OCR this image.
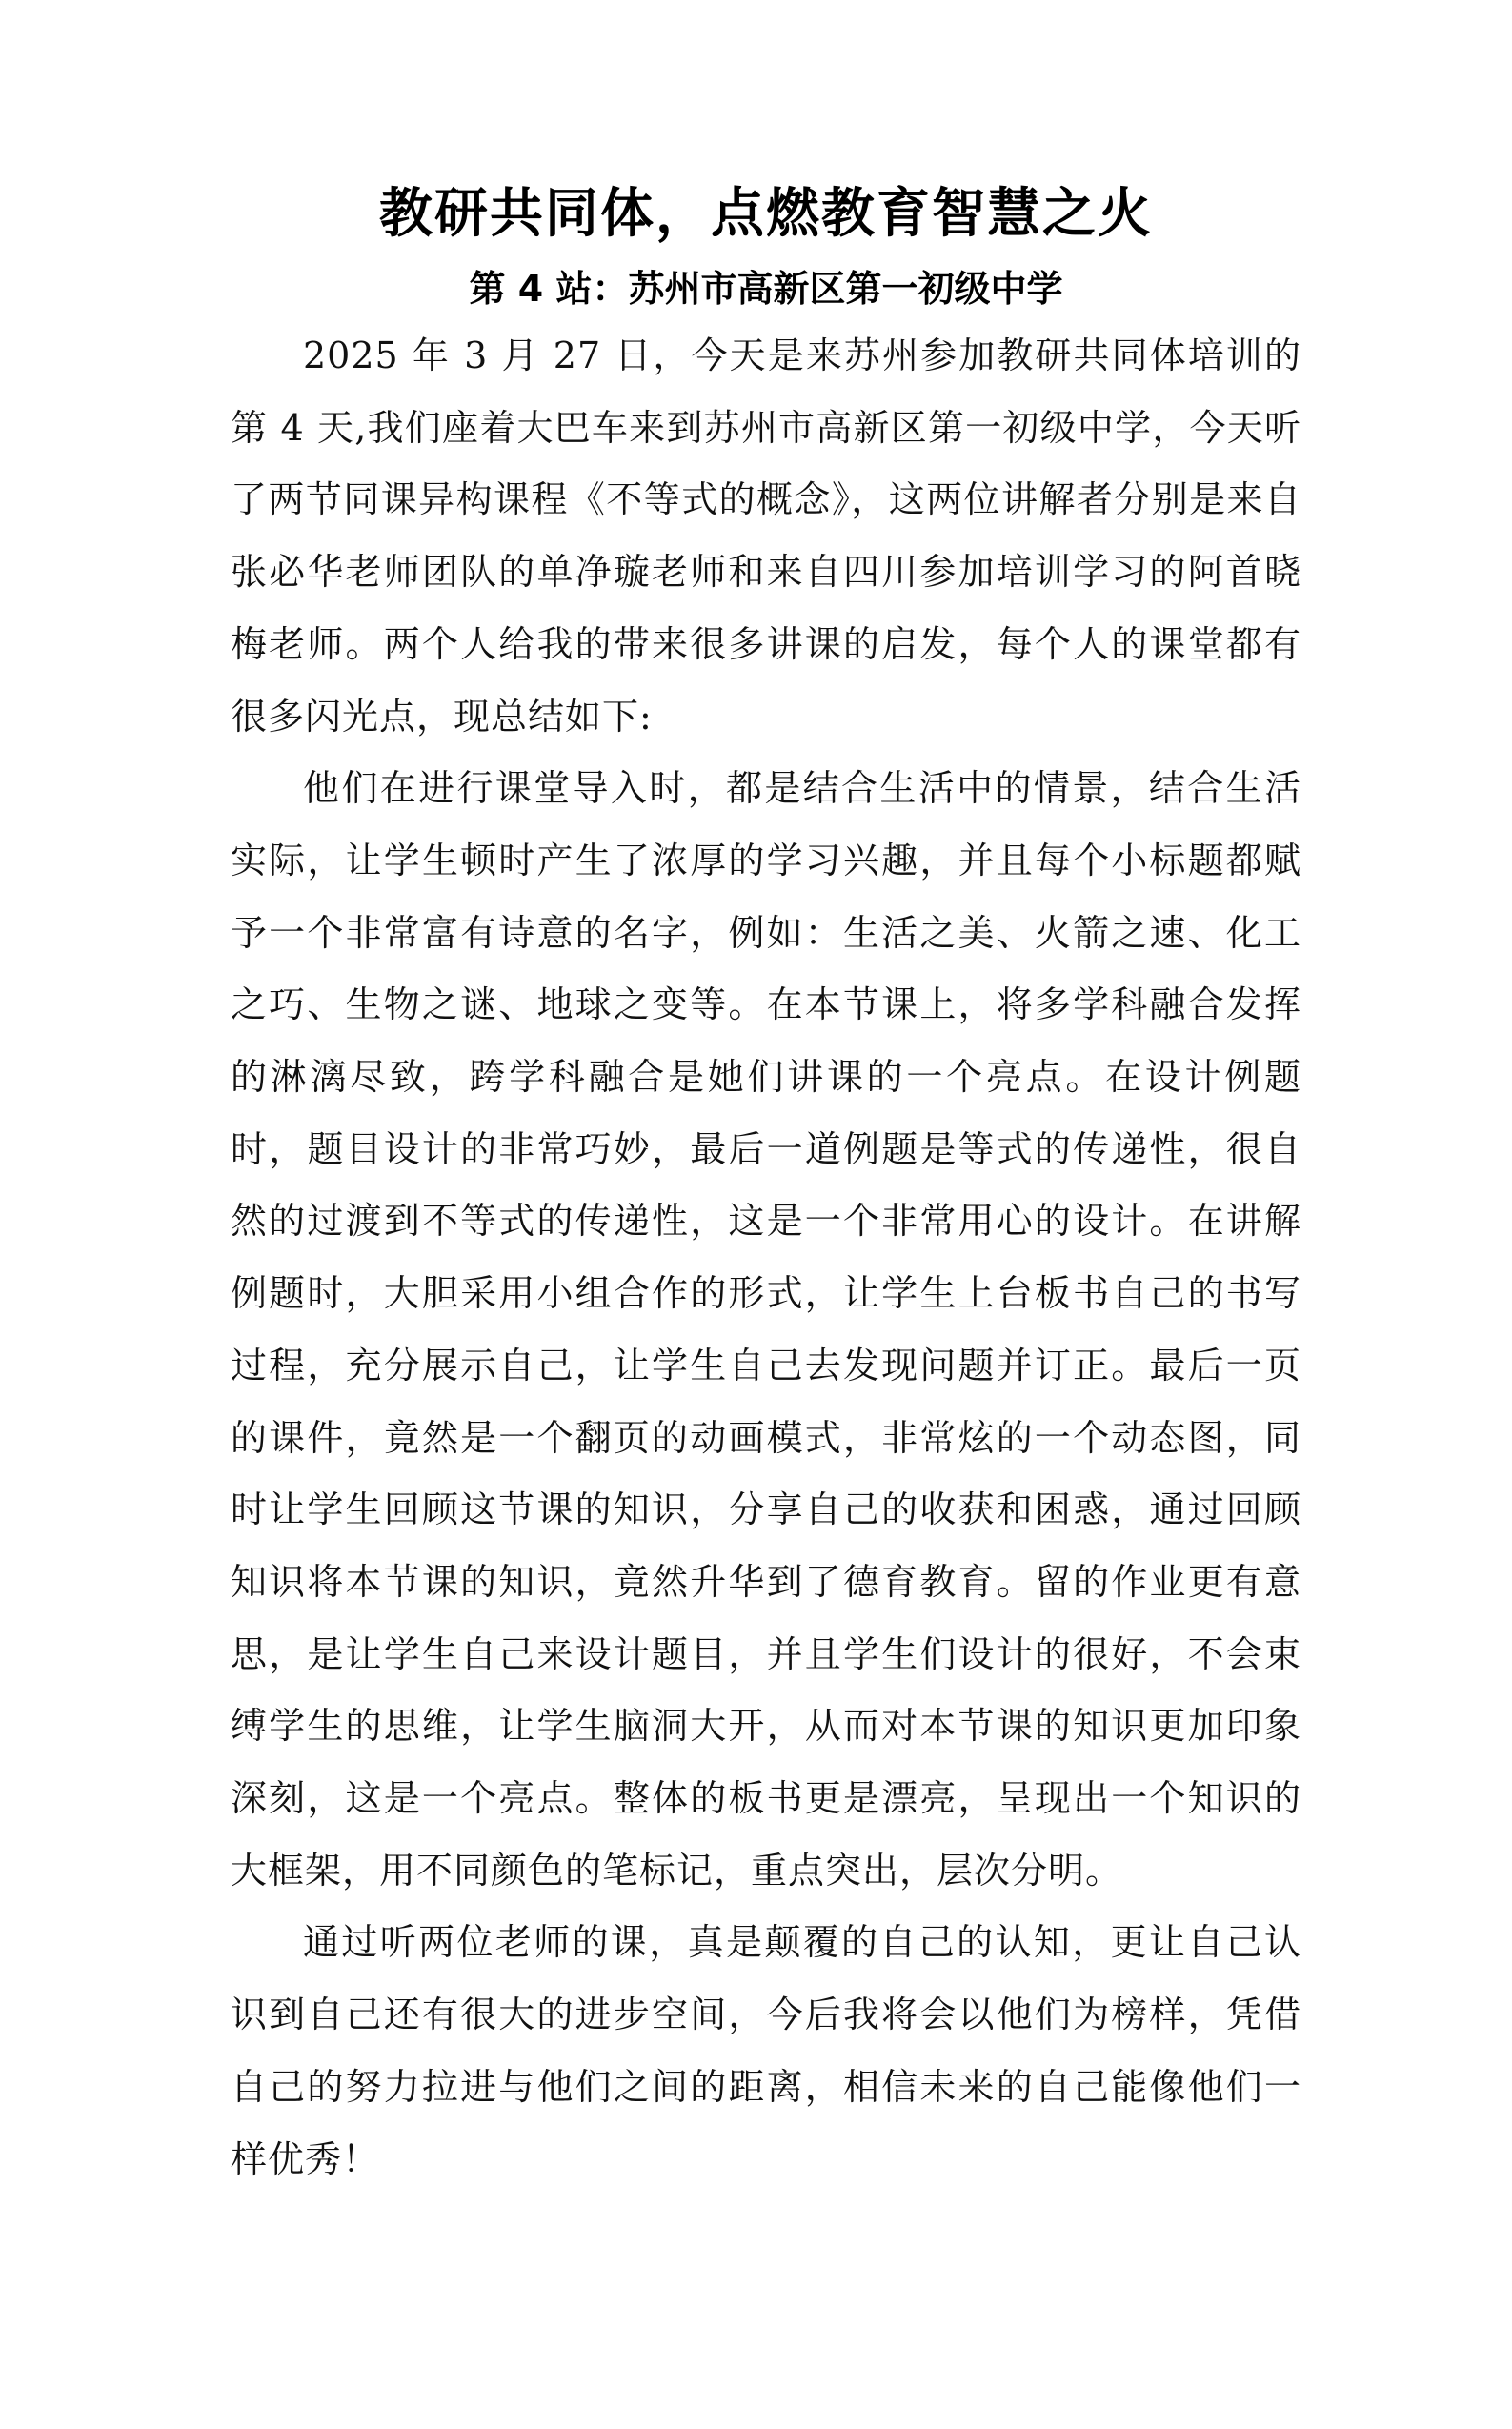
教研共同体，点燃教育智慧之火
第 4 站：苏州市高新区第一初级中学

2025 年 3 月 27 日，今天是来苏州参加教研共同体培训的第 4 天,我们座着大巴车来到苏州市高新区第一初级中学，今天听了两节同课异构课程《不等式的概念》，这两位讲解者分别是来自张必华老师团队的单净璇老师和来自四川参加培训学习的阿首晓梅老师。两个人给我的带来很多讲课的启发，每个人的课堂都有很多闪光点，现总结如下:

他们在进行课堂导入时，都是结合生活中的情景，结合生活实际，让学生顿时产生了浓厚的学习兴趣，并且每个小标题都赋予一个非常富有诗意的名字，例如：生活之美、火箭之速、化工之巧、生物之谜、地球之变等。在本节课上，将多学科融合发挥的淋漓尽致，跨学科融合是她们讲课的一个亮点。在设计例题时，题目设计的非常巧妙，最后一道例题是等式的传递性，很自然的过渡到不等式的传递性，这是一个非常用心的设计。在讲解例题时，大胆采用小组合作的形式，让学生上台板书自己的书写过程，充分展示自己，让学生自己去发现问题并订正。最后一页的课件，竟然是一个翻页的动画模式，非常炫的一个动态图，同时让学生回顾这节课的知识，分享自己的收获和困惑，通过回顾知识将本节课的知识，竟然升华到了德育教育。留的作业更有意思，是让学生自己来设计题目，并且学生们设计的很好，不会束缚学生的思维，让学生脑洞大开，从而对本节课的知识更加印象深刻，这是一个亮点。整体的板书更是漂亮，呈现出一个知识的大框架，用不同颜色的笔标记，重点突出，层次分明。

通过听两位老师的课，真是颠覆的自己的认知，更让自己认识到自己还有很大的进步空间，今后我将会以他们为榜样，凭借自己的努力拉进与他们之间的距离，相信未来的自己能像他们一样优秀！
